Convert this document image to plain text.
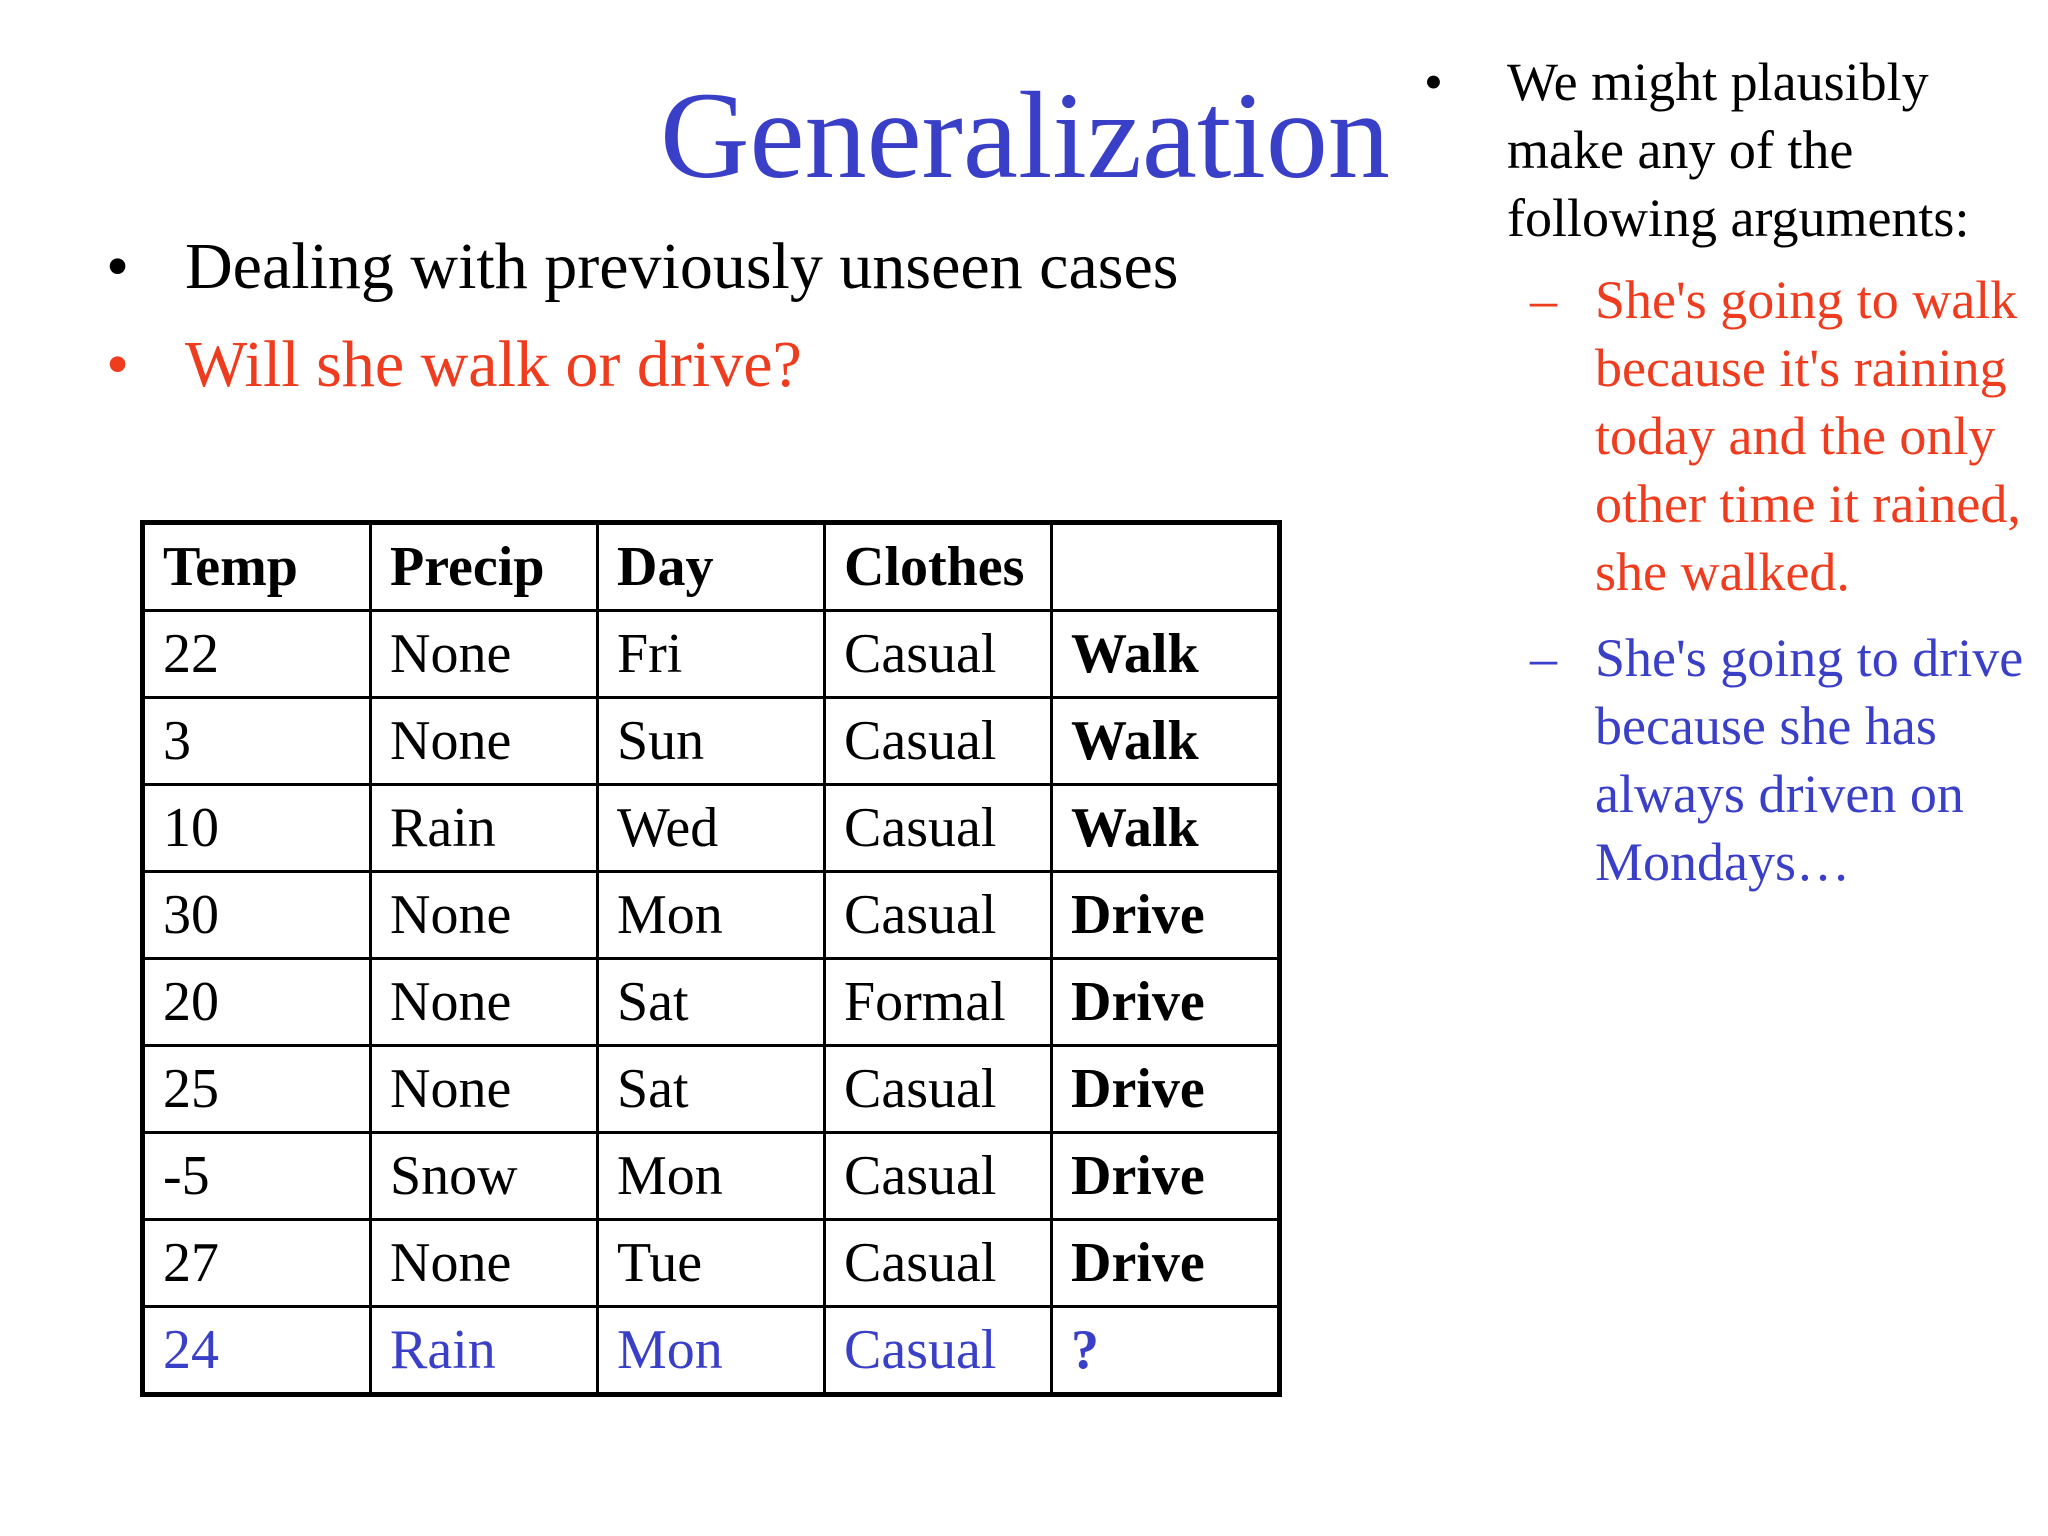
Generalization
• Dealing with previously unseen cases
• Will she walk or drive?
• We might plausibly make any of the following arguments:
– She's going to walk because it's raining today and the only other time it rained, she walked.
– She's going to drive because she has always driven on Mondays…
Temp	Precip	Day	Clothes	
22	None	Fri	Casual	Walk
3	None	Sun	Casual	Walk
10	Rain	Wed	Casual	Walk
30	None	Mon	Casual	Drive
20	None	Sat	Formal	Drive
25	None	Sat	Casual	Drive
-5	Snow	Mon	Casual	Drive
27	None	Tue	Casual	Drive
24	Rain	Mon	Casual	?
